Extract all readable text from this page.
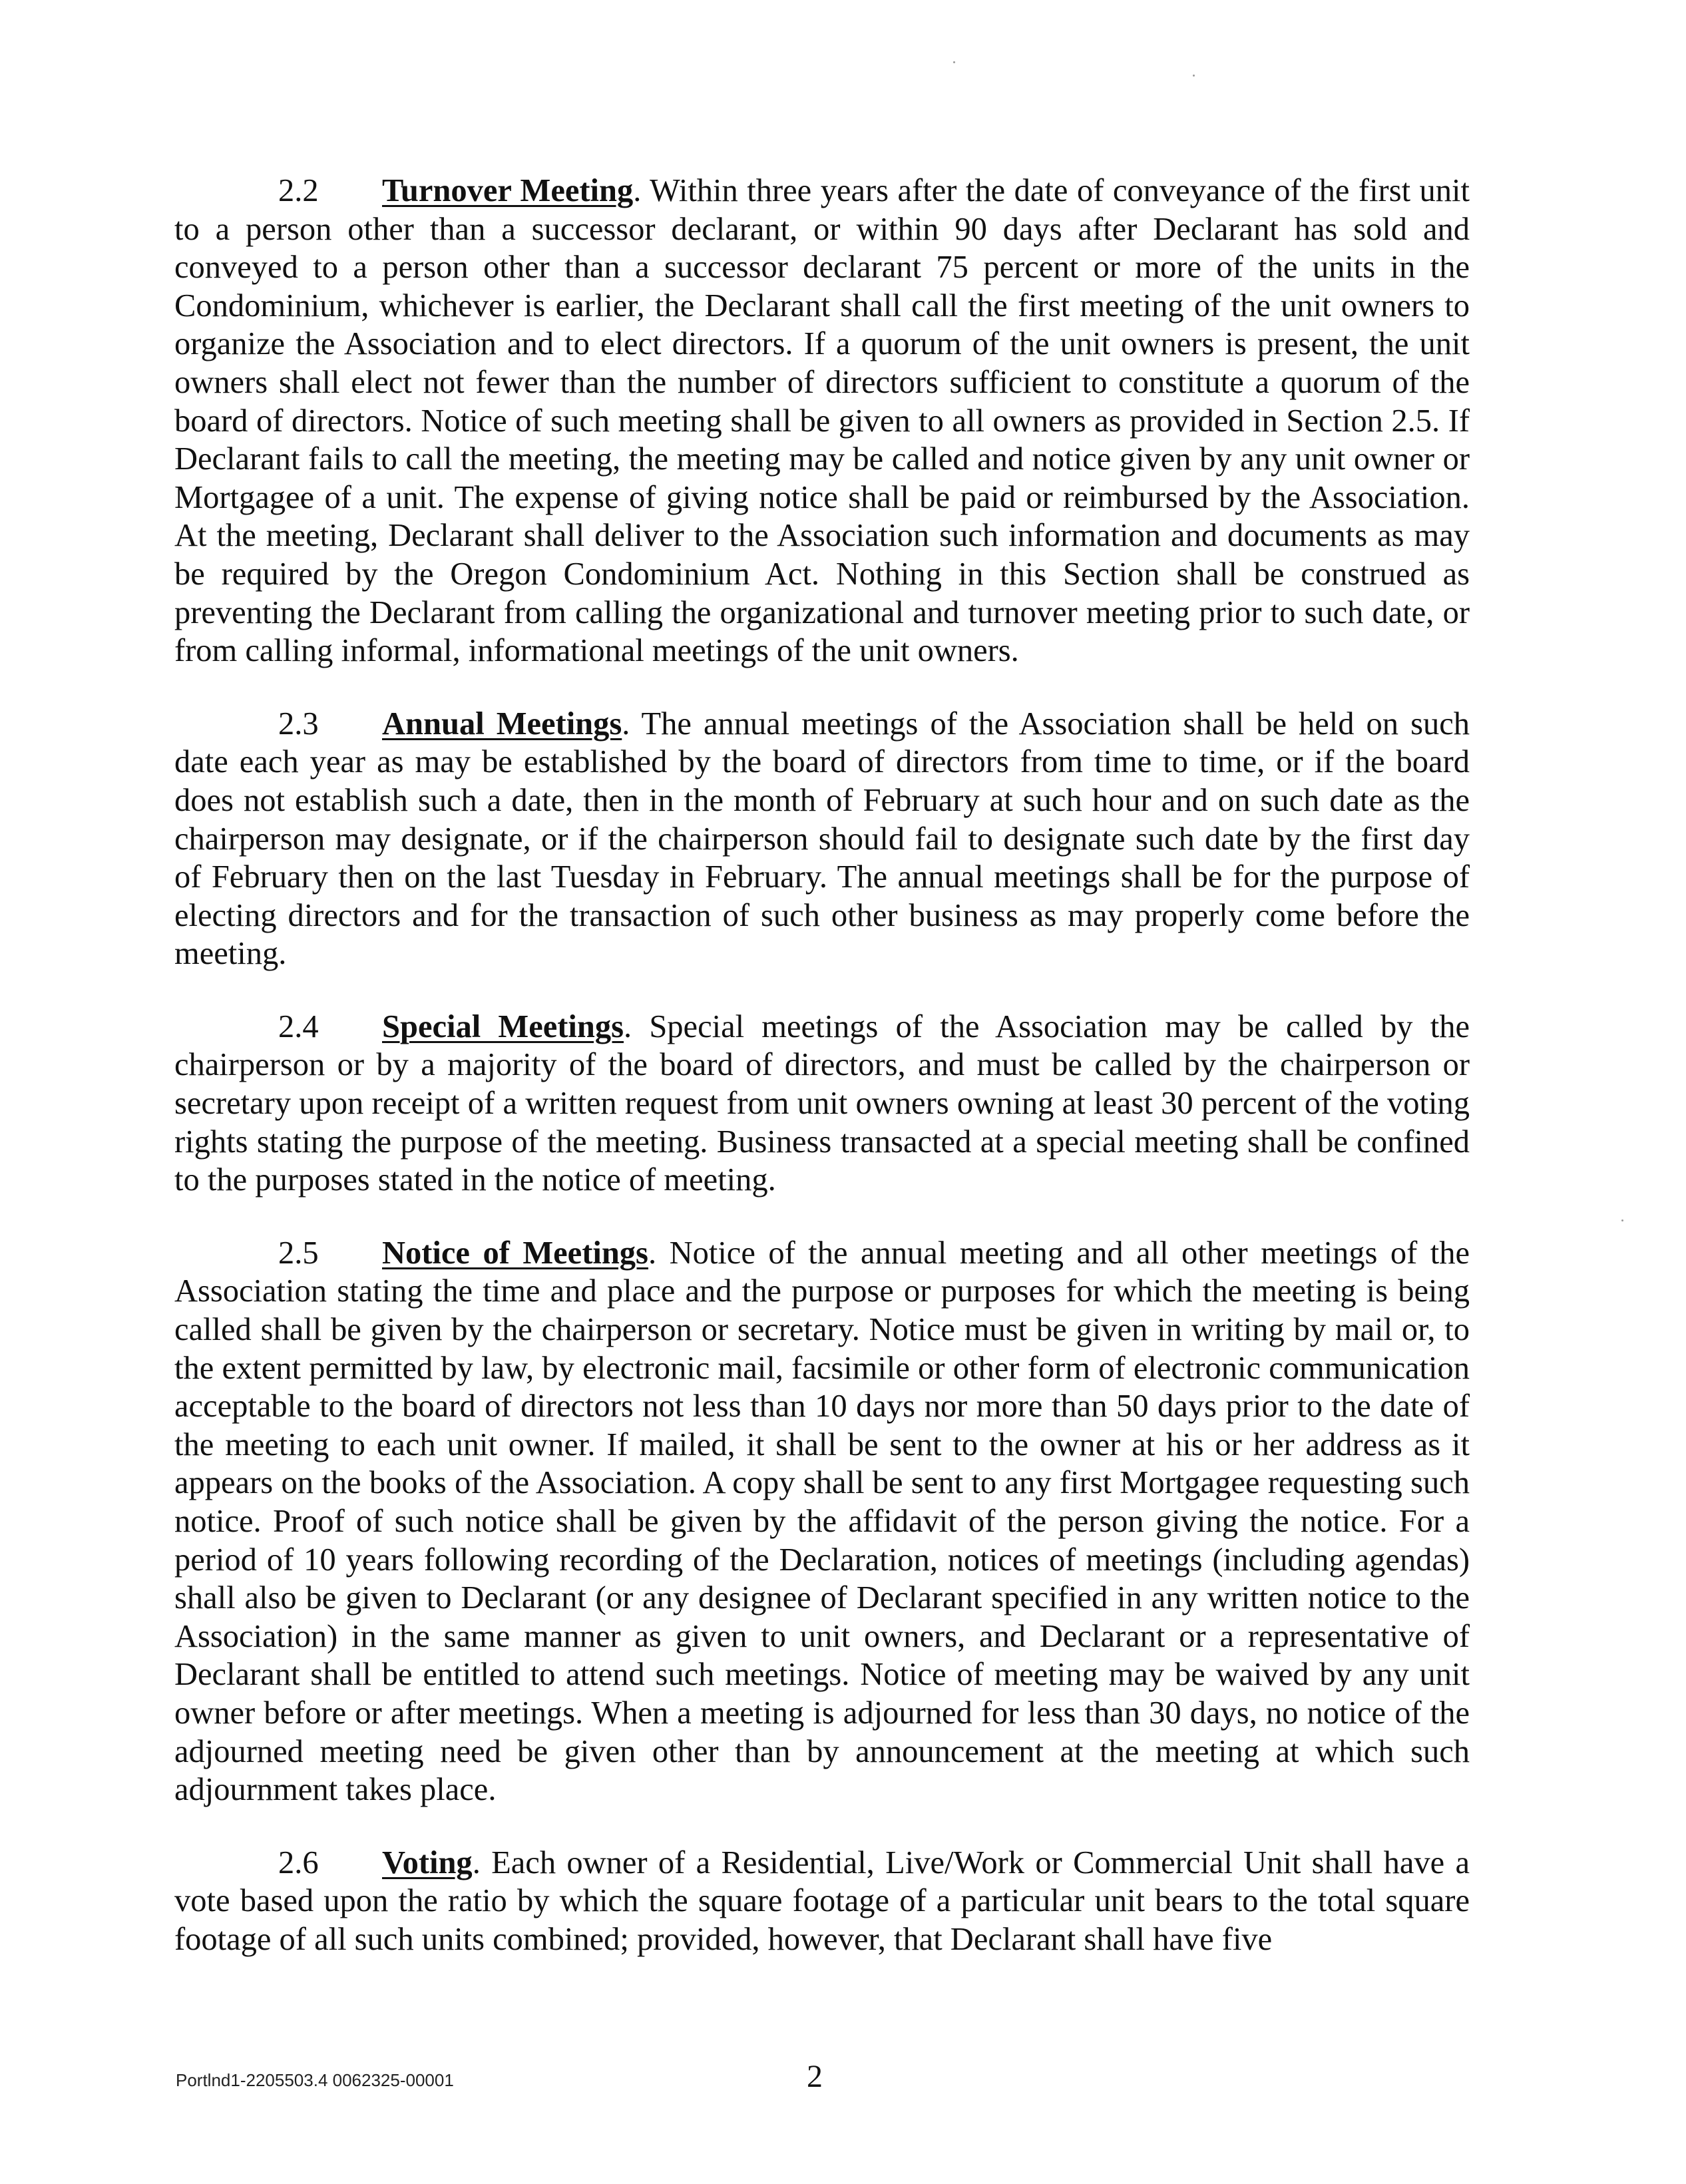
2.2 Turnover Meeting. Within three years after the date of conveyance of the first unit to a person other than a successor declarant, or within 90 days after Declarant has sold and conveyed to a person other than a successor declarant 75 percent or more of the units in the Condominium, whichever is earlier, the Declarant shall call the first meeting of the unit owners to organize the Association and to elect directors. If a quorum of the unit owners is present, the unit owners shall elect not fewer than the number of directors sufficient to constitute a quorum of the board of directors. Notice of such meeting shall be given to all owners as provided in Section 2.5. If Declarant fails to call the meeting, the meeting may be called and notice given by any unit owner or Mortgagee of a unit. The expense of giving notice shall be paid or reimbursed by the Association. At the meeting, Declarant shall deliver to the Association such information and documents as may be required by the Oregon Condominium Act. Nothing in this Section shall be construed as preventing the Declarant from calling the organizational and turnover meeting prior to such date, or from calling informal, informational meetings of the unit owners.

2.3 Annual Meetings. The annual meetings of the Association shall be held on such date each year as may be established by the board of directors from time to time, or if the board does not establish such a date, then in the month of February at such hour and on such date as the chairperson may designate, or if the chairperson should fail to designate such date by the first day of February then on the last Tuesday in February. The annual meetings shall be for the purpose of electing directors and for the transaction of such other business as may properly come before the meeting.

2.4 Special Meetings. Special meetings of the Association may be called by the chairperson or by a majority of the board of directors, and must be called by the chairperson or secretary upon receipt of a written request from unit owners owning at least 30 percent of the voting rights stating the purpose of the meeting. Business transacted at a special meeting shall be confined to the purposes stated in the notice of meeting.

2.5 Notice of Meetings. Notice of the annual meeting and all other meetings of the Association stating the time and place and the purpose or purposes for which the meeting is being called shall be given by the chairperson or secretary. Notice must be given in writing by mail or, to the extent permitted by law, by electronic mail, facsimile or other form of electronic communication acceptable to the board of directors not less than 10 days nor more than 50 days prior to the date of the meeting to each unit owner. If mailed, it shall be sent to the owner at his or her address as it appears on the books of the Association. A copy shall be sent to any first Mortgagee requesting such notice. Proof of such notice shall be given by the affidavit of the person giving the notice. For a period of 10 years following recording of the Declaration, notices of meetings (including agendas) shall also be given to Declarant (or any designee of Declarant specified in any written notice to the Association) in the same manner as given to unit owners, and Declarant or a representative of Declarant shall be entitled to attend such meetings. Notice of meeting may be waived by any unit owner before or after meetings. When a meeting is adjourned for less than 30 days, no notice of the adjourned meeting need be given other than by announcement at the meeting at which such adjournment takes place.

2.6 Voting. Each owner of a Residential, Live/Work or Commercial Unit shall have a vote based upon the ratio by which the square footage of a particular unit bears to the total square footage of all such units combined; provided, however, that Declarant shall have five

Portlnd1-2205503.4 0062325-00001	2
